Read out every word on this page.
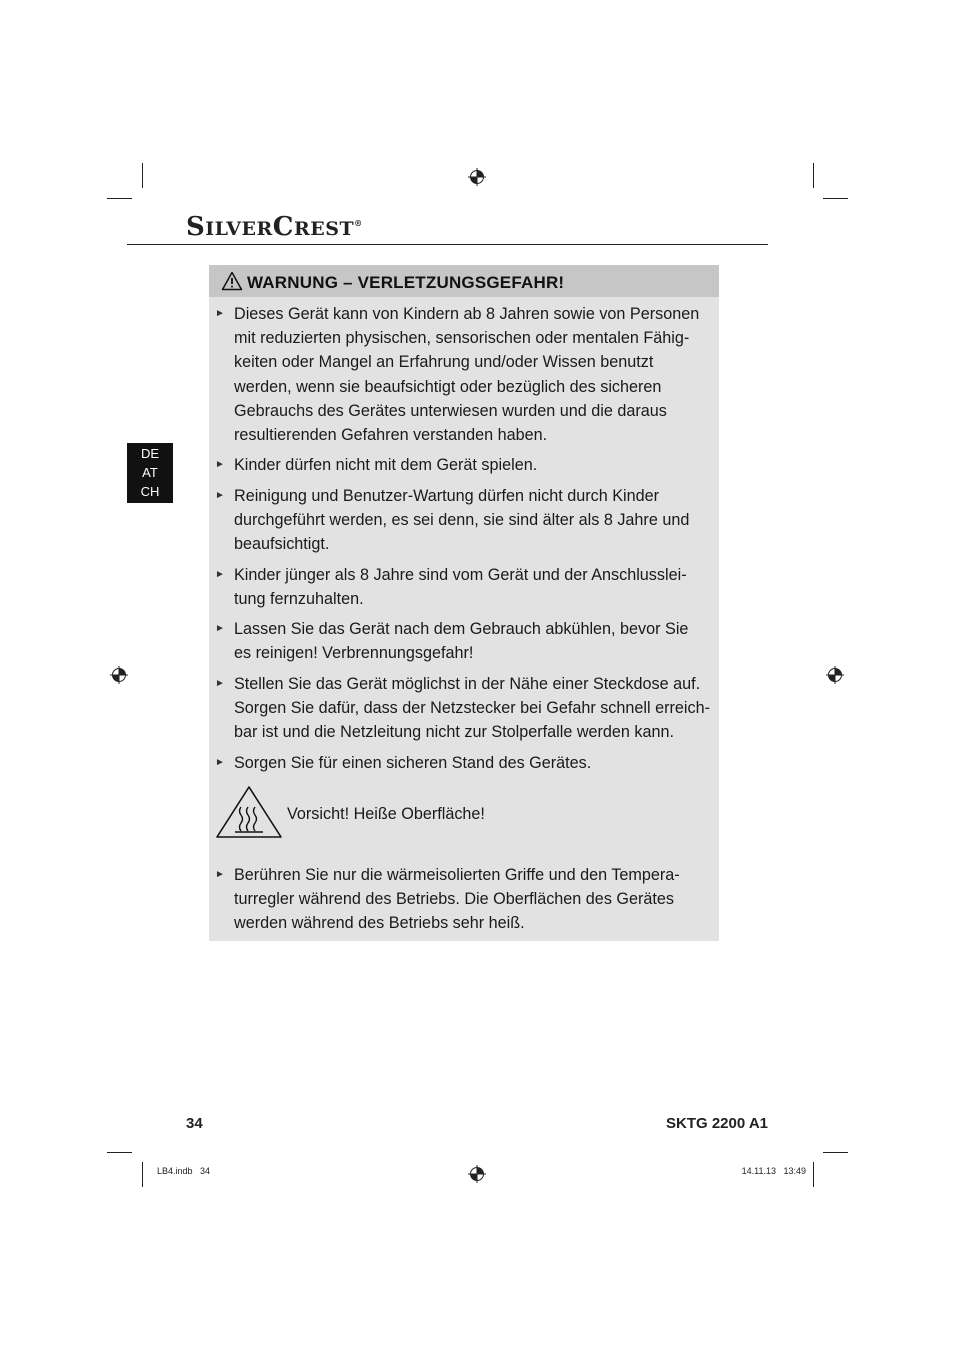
SILVERCREST®
DE
AT
CH
WARNUNG – VERLETZUNGSGEFAHR!
► Dieses Gerät kann von Kindern ab 8 Jahren sowie von Personen
mit reduzierten physischen, sensorischen oder mentalen Fähig-
keiten oder Mangel an Erfahrung und/oder Wissen benutzt
werden, wenn sie beaufsichtigt oder bezüglich des sicheren
Gebrauchs des Gerätes unterwiesen wurden und die daraus
resultierenden Gefahren verstanden haben.
► Kinder dürfen nicht mit dem Gerät spielen.
► Reinigung und Benutzer-Wartung dürfen nicht durch Kinder
durchgeführt werden, es sei denn, sie sind älter als 8 Jahre und
beaufsichtigt.
► Kinder jünger als 8 Jahre sind vom Gerät und der Anschlusslei-
tung fernzuhalten.
► Lassen Sie das Gerät nach dem Gebrauch abkühlen, bevor Sie
es reinigen! Verbrennungsgefahr!
► Stellen Sie das Gerät möglichst in der Nähe einer Steckdose auf.
Sorgen Sie dafür, dass der Netzstecker bei Gefahr schnell erreich-
bar ist und die Netzleitung nicht zur Stolperfalle werden kann.
► Sorgen Sie für einen sicheren Stand des Gerätes.
► Berühren Sie nur die wärmeisolierten Griffe und den Tempera-
turregler während des Betriebs. Die Oberflächen des Gerätes
werden während des Betriebs sehr heiß.
Vorsicht! Heiße Oberfläche!
34	SKTG 2200 A1
LB4.indb   34	14.11.13   13:49
